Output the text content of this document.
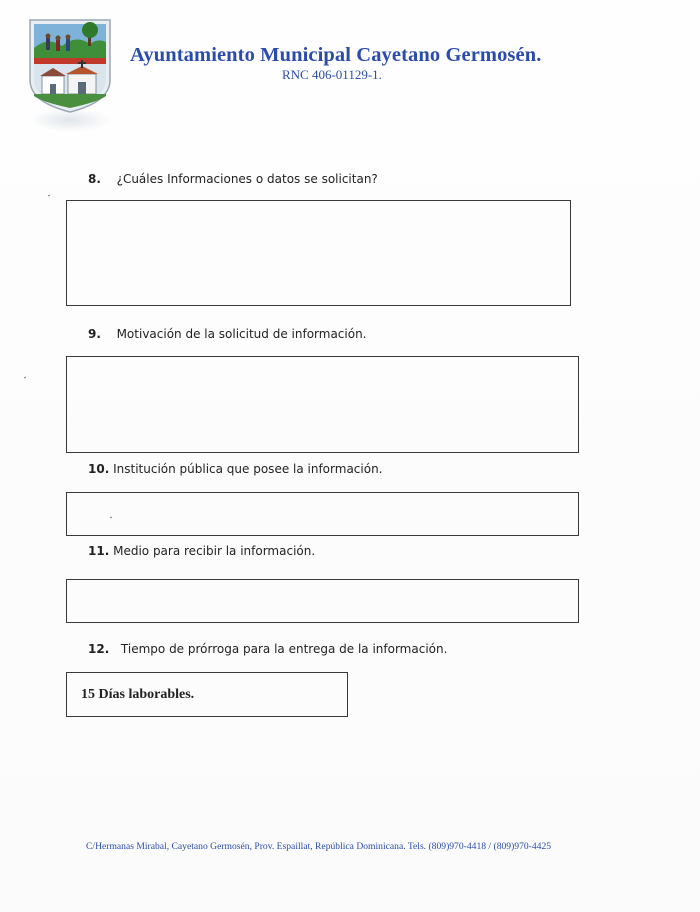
Ayuntamiento Municipal Cayetano Germosén.
RNC 406-01129-1.
8. ¿Cuáles Informaciones o datos se solicitan?
9. Motivación de la solicitud de información.
10. Institución pública que posee la información.
11. Medio para recibir la información.
12. Tiempo de prórroga para la entrega de la información.
15 Días laborables.
C/Hermanas Mirabal, Cayetano Germosén, Prov. Espaillat, República Dominicana. Tels. (809)970-4418 / (809)970-4425
